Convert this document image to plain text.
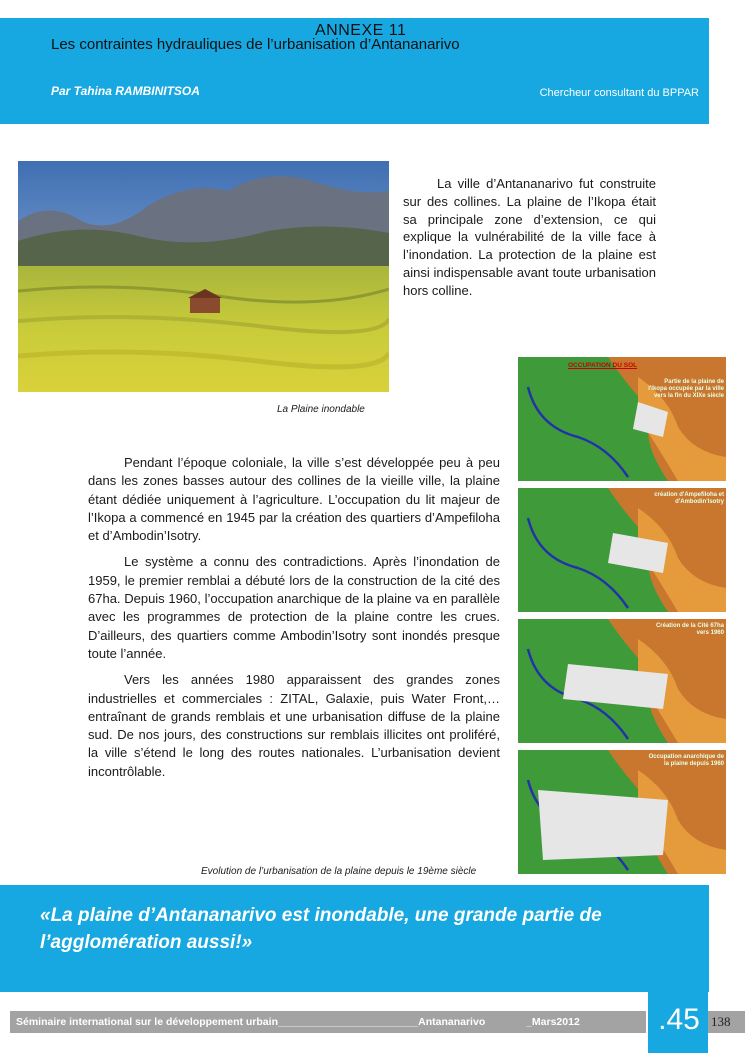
ANNEXE 11
Les contraintes hydrauliques de l’urbanisation d’Antananarivo
Par Tahina RAMBINITSOA	Chercheur consultant du BPPAR
La Plaine inondable
La ville d’Antananarivo fut construite sur des collines. La plaine de l’Ikopa était sa principale zone d’extension, ce qui explique la vulnérabilité de la ville face à l’inondation. La protection de la plaine est ainsi indispensable avant toute urbanisation hors colline.

Pendant l’époque coloniale, la ville s’est développée peu à peu dans les zones basses autour des collines de la vieille ville, la plaine étant dédiée uniquement à l’agriculture. L’occupation du lit majeur de l’Ikopa a commencé en 1945 par la création des quartiers d’Ampefiloha et d’Ambodin’Isotry.

Le système a connu des contradictions. Après l’inondation de 1959, le premier remblai a débuté lors de la construction de la cité des 67ha. Depuis 1960, l’occupation anarchique de la plaine va en parallèle avec les programmes de protection de la plaine contre les crues. D’ailleurs, des quartiers comme Ambodin’Isotry sont inondés presque toute l’année.

Vers les années 1980 apparaissent des grandes zones industrielles et commerciales : ZITAL, Galaxie, puis Water Front,… entraînant de grands remblais et une urbanisation diffuse de la plaine sud. De nos jours, des constructions sur remblais illicites ont proliféré, la ville s’étend le long des routes nationales. L’urbanisation devient incontrôlable.

OCCUPATION DU SOL
Partie de la plaine de l'Ikopa occupée par la ville vers la fin du XIXe siècle
création d'Ampefiloha et d'Ambodin'Isotry
Création de la Cité 67ha vers 1960
Occupation anarchique de la plaine depuis 1960
Evolution de l’urbanisation de la plaine depuis le 19ème siècle
«La plaine d’Antananarivo est inondable, une grande partie de l’agglomération aussi!»
Séminaire international sur le développement urbain________________________Antananarivo              _Mars2012	.45 138
